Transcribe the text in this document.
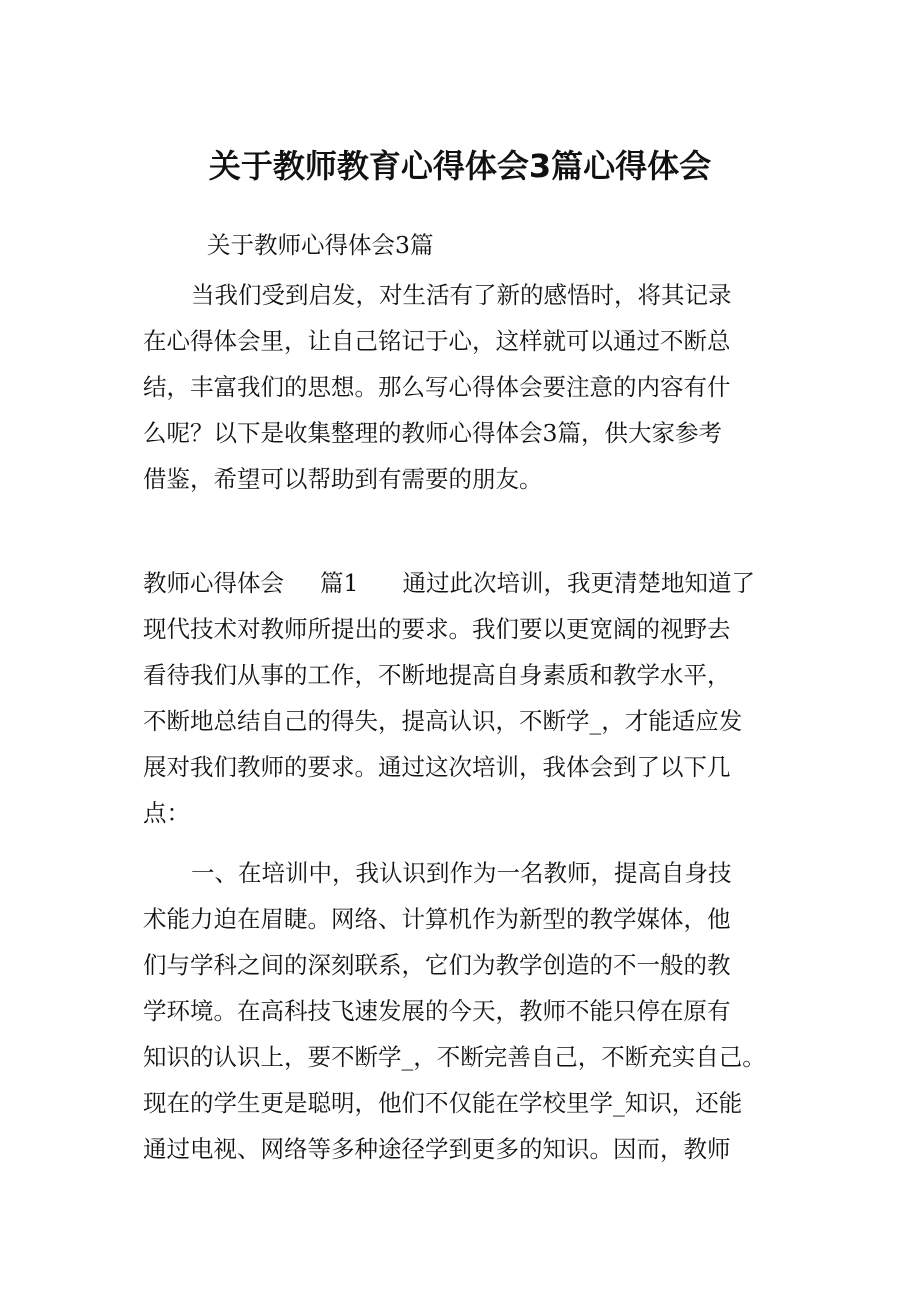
关于教师教育心得体会3篇心得体会

关于教师心得体会3篇

当我们受到启发，对生活有了新的感悟时，将其记录

在心得体会里，让自己铭记于心，这样就可以通过不断总

结，丰富我们的思想。那么写心得体会要注意的内容有什

么呢？以下是收集整理的教师心得体会3篇，供大家参考

借鉴，希望可以帮助到有需要的朋友。

教师心得体会 篇1 通过此次培训，我更清楚地知道了

现代技术对教师所提出的要求。我们要以更宽阔的视野去

看待我们从事的工作，不断地提高自身素质和教学水平，

不断地总结自己的得失，提高认识，不断学_，才能适应发

展对我们教师的要求。通过这次培训，我体会到了以下几

点：

一、在培训中，我认识到作为一名教师，提高自身技

术能力迫在眉睫。网络、计算机作为新型的教学媒体，他

们与学科之间的深刻联系，它们为教学创造的不一般的教

学环境。在高科技飞速发展的今天，教师不能只停在原有

知识的认识上，要不断学_，不断完善自己，不断充实自己。

现在的学生更是聪明，他们不仅能在学校里学_知识，还能

通过电视、网络等多种途径学到更多的知识。因而，教师
